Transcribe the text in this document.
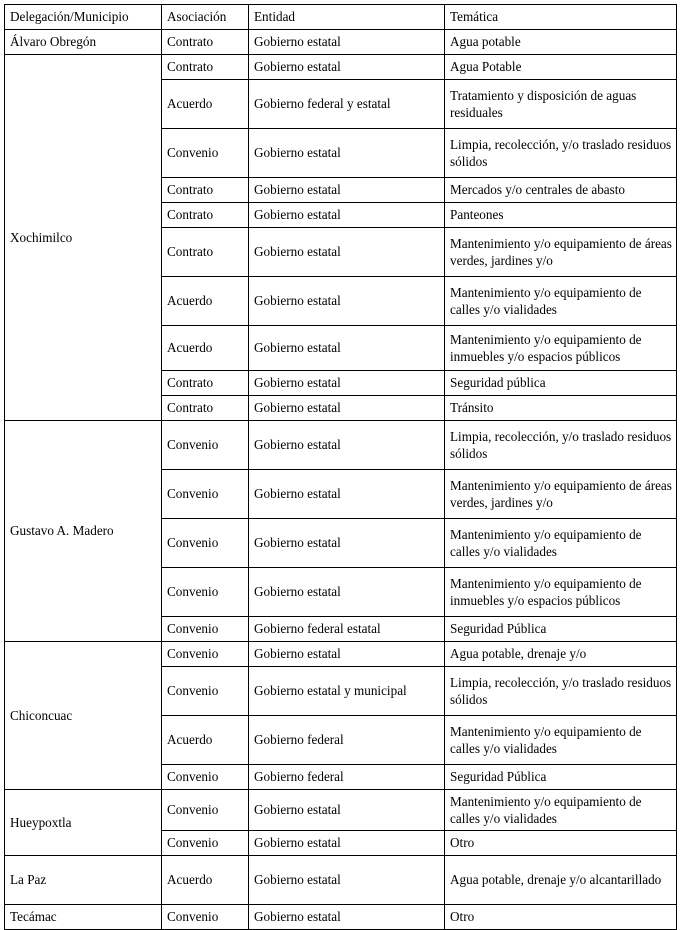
Delegación/Municipio	Asociación	Entidad	Temática
Álvaro Obregón	Contrato	Gobierno estatal	Agua potable
Xochimilco	Contrato	Gobierno estatal	Agua Potable
	Acuerdo	Gobierno federal y estatal	Tratamiento y disposición de aguas residuales
	Convenio	Gobierno estatal	Limpia, recolección, y/o traslado residuos sólidos
	Contrato	Gobierno estatal	Mercados y/o centrales de abasto
	Contrato	Gobierno estatal	Panteones
	Contrato	Gobierno estatal	Mantenimiento y/o equipamiento de áreas verdes, jardines y/o
	Acuerdo	Gobierno estatal	Mantenimiento y/o equipamiento de calles y/o vialidades
	Acuerdo	Gobierno estatal	Mantenimiento y/o equipamiento de inmuebles y/o espacios públicos
	Contrato	Gobierno estatal	Seguridad pública
	Contrato	Gobierno estatal	Tránsito
Gustavo A. Madero	Convenio	Gobierno estatal	Limpia, recolección, y/o traslado residuos sólidos
	Convenio	Gobierno estatal	Mantenimiento y/o equipamiento de áreas verdes, jardines y/o
	Convenio	Gobierno estatal	Mantenimiento y/o equipamiento de calles y/o vialidades
	Convenio	Gobierno estatal	Mantenimiento y/o equipamiento de inmuebles y/o espacios públicos
	Convenio	Gobierno federal estatal	Seguridad Pública
Chiconcuac	Convenio	Gobierno estatal	Agua potable, drenaje y/o
	Convenio	Gobierno estatal y municipal	Limpia, recolección, y/o traslado residuos sólidos
	Acuerdo	Gobierno federal	Mantenimiento y/o equipamiento de calles y/o vialidades
	Convenio	Gobierno federal	Seguridad Pública
Hueypoxtla	Convenio	Gobierno estatal	Mantenimiento y/o equipamiento de calles y/o vialidades
	Convenio	Gobierno estatal	Otro
La Paz	Acuerdo	Gobierno estatal	Agua potable, drenaje y/o alcantarillado
Tecámac	Convenio	Gobierno estatal	Otro
